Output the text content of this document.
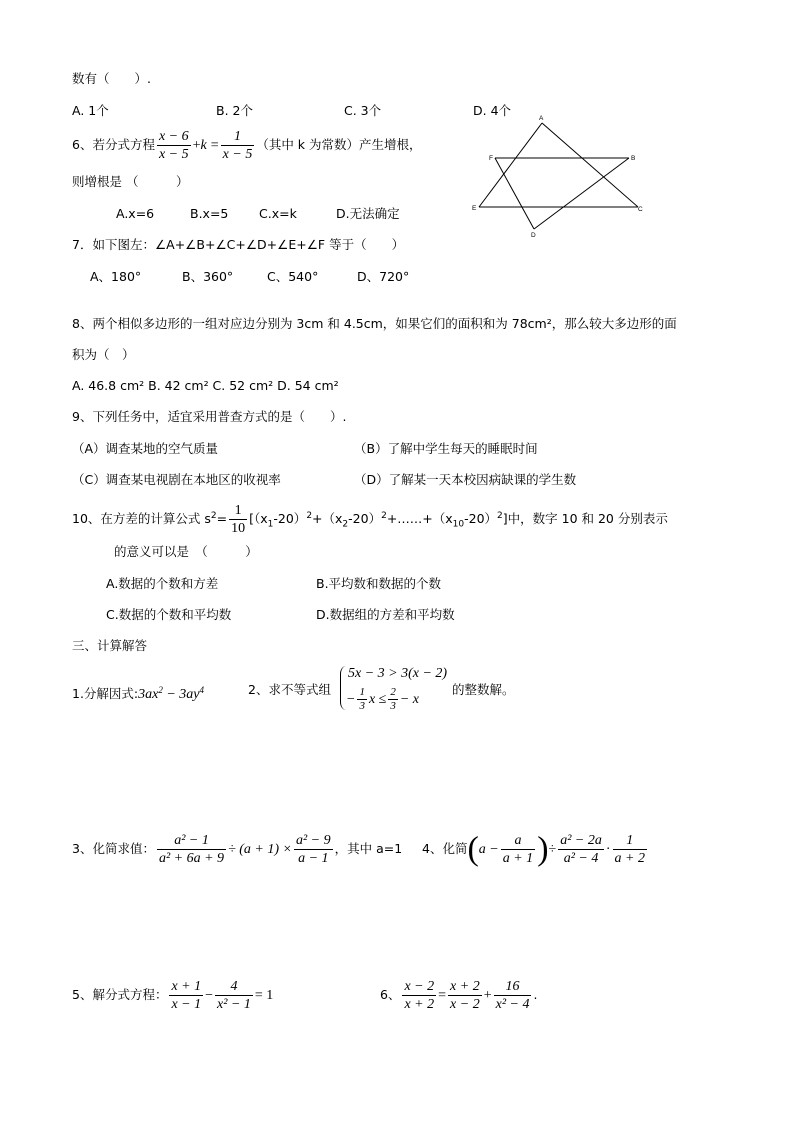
数有（　　）.
A. 1个	B. 2个	C. 3个	D. 4个
A
B
C
D
E
F
6、若分式方程 $\frac{x - 6}{x - 5} +k = \frac{1}{x - 5}$ （其中 k 为常数）产生增根，
则增根是 （　　　）
A.x=6	B.x=5 C.x=k	D.无法确定
7．如下图左：∠A+∠B+∠C+∠D+∠E+∠F 等于（　　）
A、180°	B、360°	C、540°	D、720°
8、两个相似多边形的一组对应边分别为 3cm 和 4.5cm，如果它们的面积和为 78cm²，那么较大多边形的面
积为（　）
A. 46.8 cm² B. 42 cm² C. 52 cm² D. 54 cm²
9、下列任务中，适宜采用普查方式的是（　　）.
（A）调查某地的空气质量	（B）了解中学生每天的睡眠时间
（C）调查某电视剧在本地区的收视率	（D）了解某一天本校因病缺课的学生数
10、在方差的计算公式 $s^2= \frac{1}{10}$ $[(x_1-20)^2+(x_2-20)^2+\dots\dots+(x_{10}-20)^2]$中，数字 10 和 20 分别表示
的意义可以是　（　　　）
A.数据的个数和方差	B.平均数和数据的个数
C.数据的个数和平均数	D.数据组的方差和平均数
三、计算解答
1.分解因式$:3ax^2 - 3ay^4$	2、求不等式组
5x − 3 > 3(x − 2)
− $\frac{1}{3}$ $x \le \frac{2}{3} - x$
的整数解。
3、化简求值： $\frac{\text{a² − 1}}{\text{a² + 6a + 9}} \div (a + 1) \times \frac{\text{a² − 9}}{a - 1}$ ，其中 a=1 4、化简($a - \frac{a}{a + 1}$ )÷ $\frac{\text{a² − 2a}}{\text{a² − 4}} \cdot \frac{1}{a + 2}$
5、解分式方程： $\frac{x + 1}{x - 1} - \frac{4}{\text{x² − 1}} = 1$	6、 $\frac{x - 2}{x + 2} = \frac{x + 2}{x - 2} + \frac{16}{\text{x² − 4}}$ .
